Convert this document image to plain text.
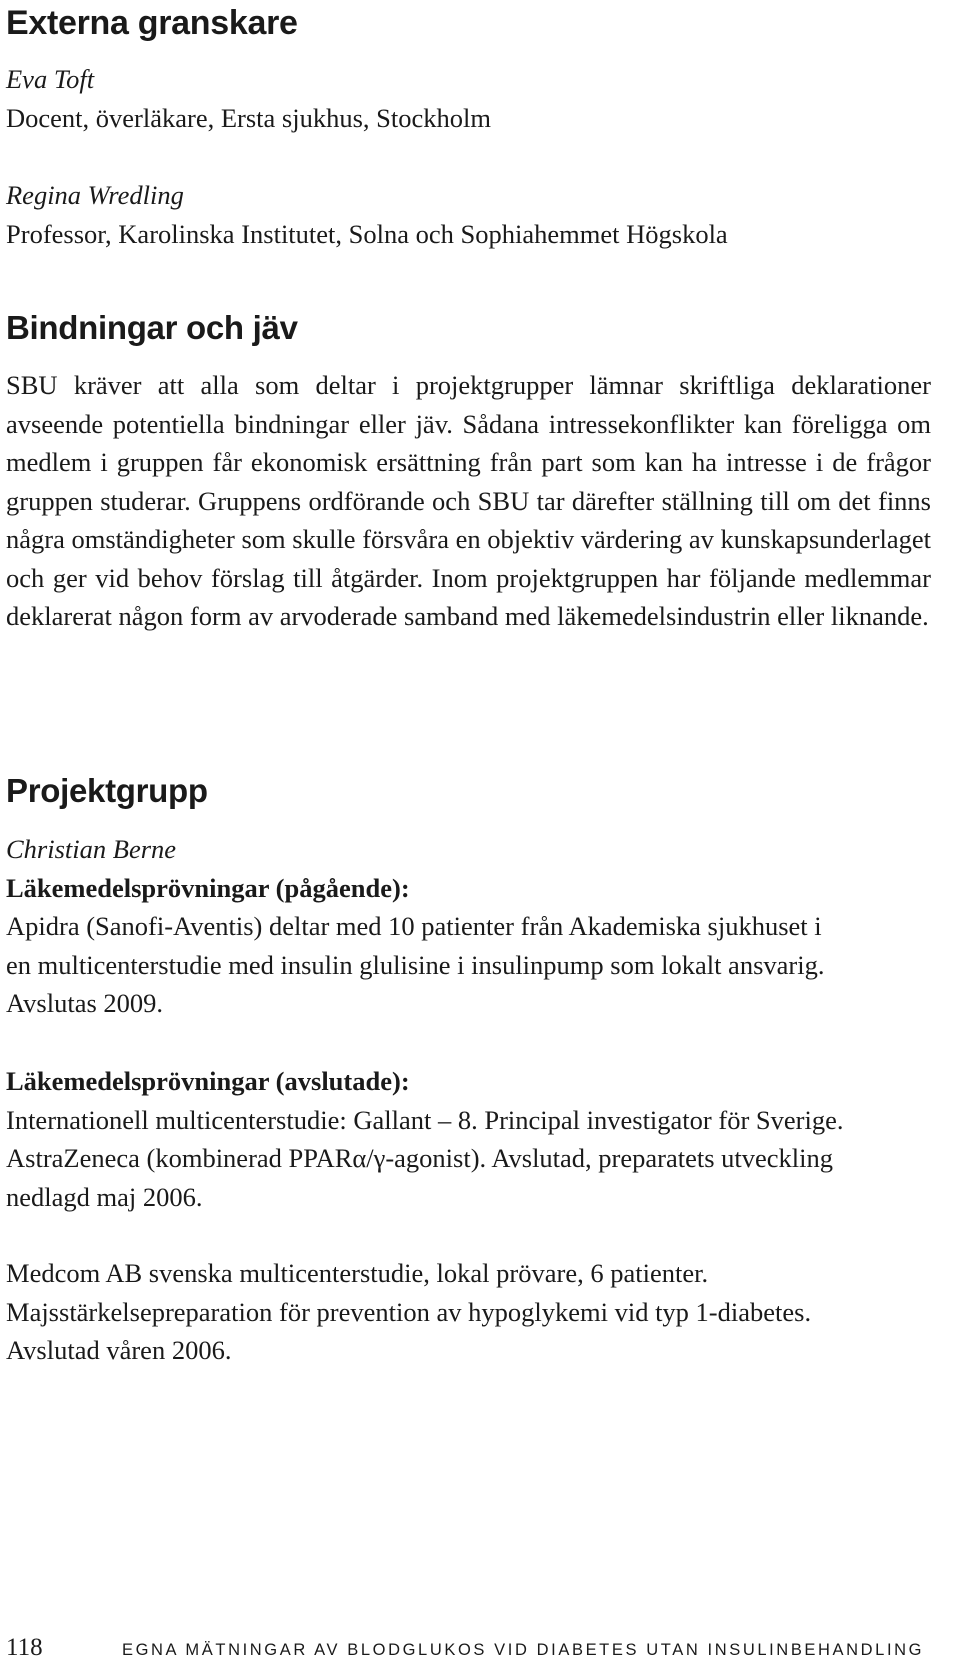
Externa granskare
Eva Toft
Docent, överläkare, Ersta sjukhus, Stockholm
Regina Wredling
Professor, Karolinska Institutet, Solna och Sophiahemmet Högskola
Bindningar och jäv

SBU kräver att alla som deltar i projektgrupper lämnar skriftliga deklarationer avseende potentiella bindningar eller jäv. Sådana intressekonflikter kan föreligga om medlem i gruppen får ekonomisk ersättning från part som kan ha intresse i de frågor gruppen studerar. Gruppens ordförande och SBU tar därefter ställning till om det finns några omständigheter som skulle försvåra en objektiv värdering av kunskapsunderlaget och ger vid behov förslag till åtgärder. Inom projektgruppen har följande medlemmar deklarerat någon form av arvoderade samband med läkemedelsindustrin eller liknande.

Projektgrupp
Christian Berne
Läkemedelsprövningar (pågående):

Apidra (Sanofi-Aventis) deltar med 10 patienter från Akademiska sjukhuset i en multicenterstudie med insulin glulisine i insulinpump som lokalt ansvarig. Avslutas 2009.

Läkemedelsprövningar (avslutade):

Internationell multicenterstudie: Gallant – 8. Principal investigator för Sverige. AstraZeneca (kombinerad PPARα/γ-agonist). Avslutad, preparatets utveckling nedlagd maj 2006.

Medcom AB svenska multicenterstudie, lokal prövare, 6 patienter. Majsstärkelsepreparation för prevention av hypoglykemi vid typ 1-diabetes. Avslutad våren 2006.

118	EGNA MÄTNINGAR AV BLODGLUKOS VID DIABETES UTAN INSULINBEHANDLING
